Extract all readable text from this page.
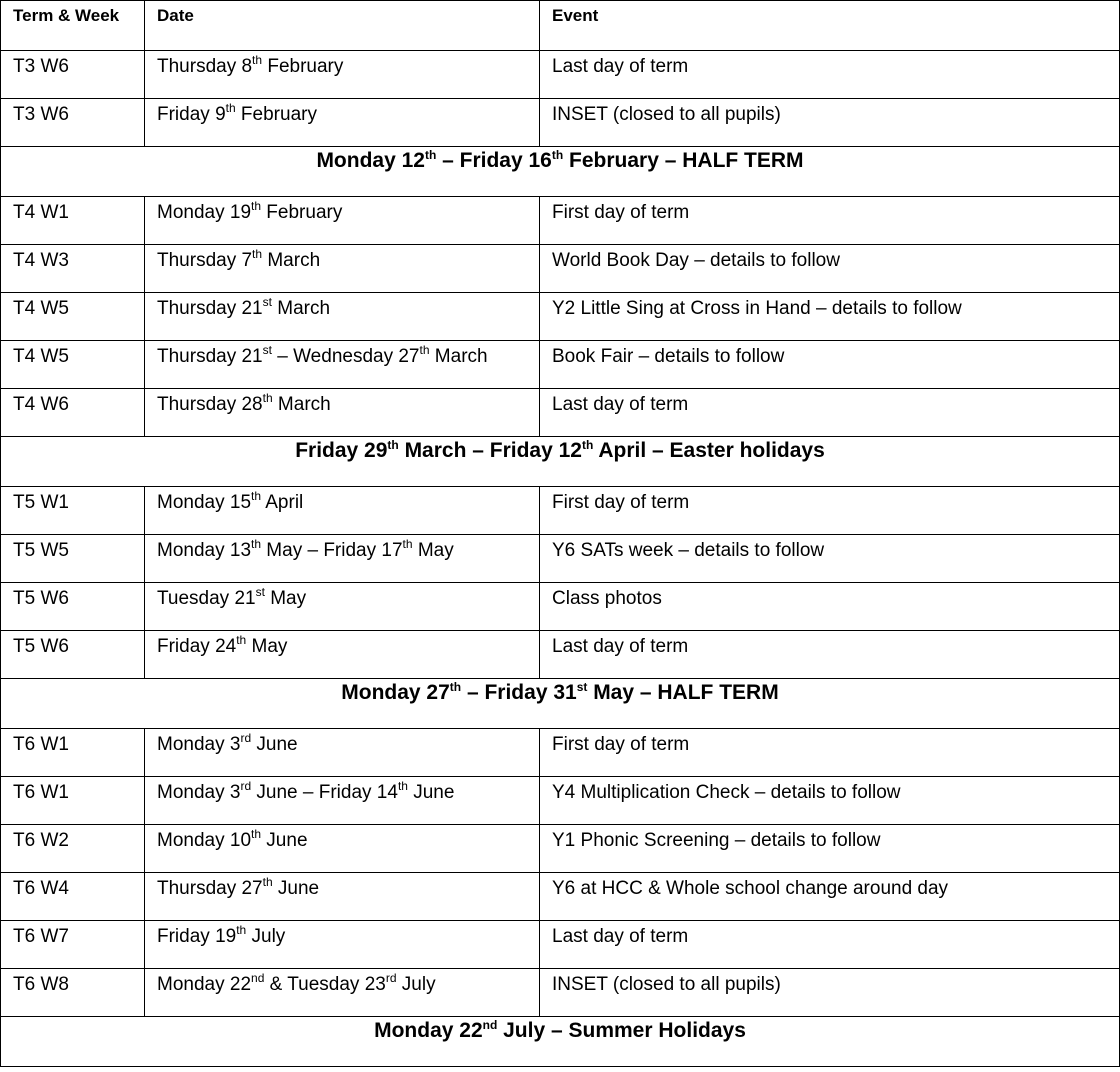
Term & Week	Date	Event
T3 W6	Thursday 8th February	Last day of term
T3 W6	Friday 9th February	INSET (closed to all pupils)
Monday 12th – Friday 16th February – HALF TERM		
T4 W1	Monday 19th February	First day of term
T4 W3	Thursday 7th March	World Book Day – details to follow
T4 W5	Thursday 21st March	Y2 Little Sing at Cross in Hand – details to follow
T4 W5	Thursday 21st – Wednesday 27th March	Book Fair – details to follow
T4 W6	Thursday 28th March	Last day of term
Friday 29th March – Friday 12th April – Easter holidays		
T5 W1	Monday 15th April	First day of term
T5 W5	Monday 13th May – Friday 17th May	Y6 SATs week – details to follow
T5 W6	Tuesday 21st May	Class photos
T5 W6	Friday 24th May	Last day of term
Monday 27th – Friday 31st May – HALF TERM		
T6 W1	Monday 3rd June	First day of term
T6 W1	Monday 3rd June – Friday 14th June	Y4 Multiplication Check – details to follow
T6 W2	Monday 10th June	Y1 Phonic Screening – details to follow
T6 W4	Thursday 27th June	Y6 at HCC & Whole school change around day
T6 W7	Friday 19th July	Last day of term
T6 W8	Monday 22nd & Tuesday 23rd July	INSET (closed to all pupils)
Monday 22nd July – Summer Holidays		
